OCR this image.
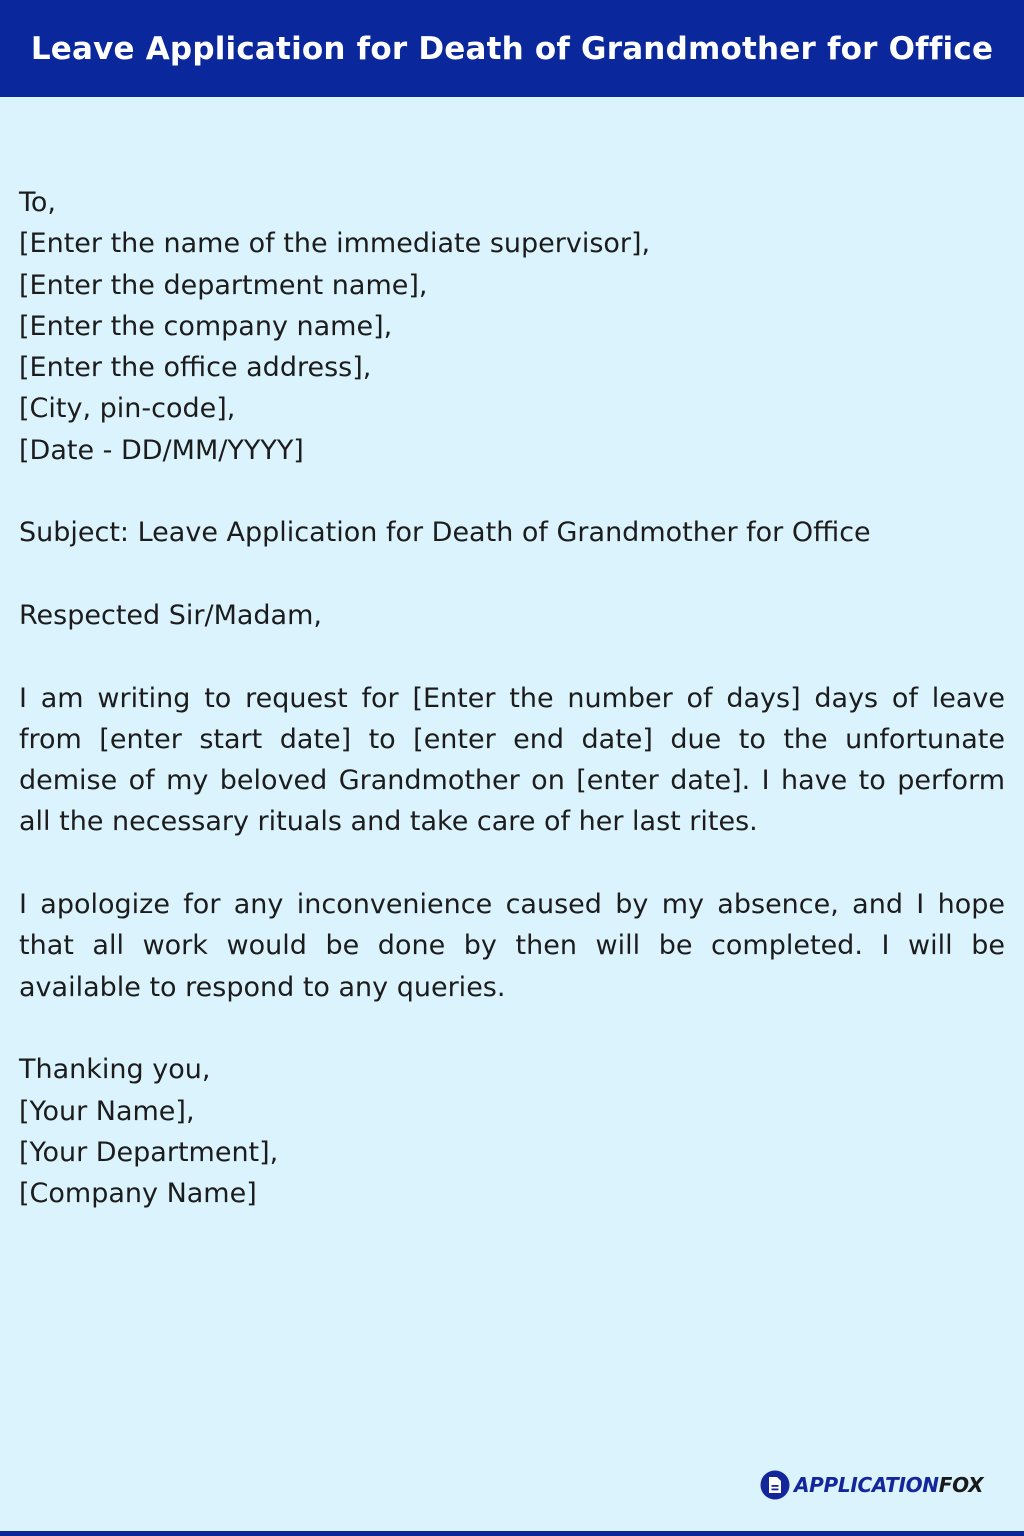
Leave Application for Death of Grandmother for Office

To,

[Enter the name of the immediate supervisor],

[Enter the department name],

[Enter the company name],

[Enter the office address],

[City, pin-code],

[Date - DD/MM/YYYY]

Subject: Leave Application for Death of Grandmother for Office

Respected Sir/Madam,

I am writing to request for [Enter the number of days] days of leave from [enter start date] to [enter end date] due to the unfortunate demise of my beloved Grandmother on [enter date]. I have to perform all the necessary rituals and take care of her last rites.

I apologize for any inconvenience caused by my absence, and I hope that all work would be done by then will be completed. I will be available to respond to any queries.

Thanking you,

[Your Name],

[Your Department],

[Company Name]

APPLICATIONFOX
